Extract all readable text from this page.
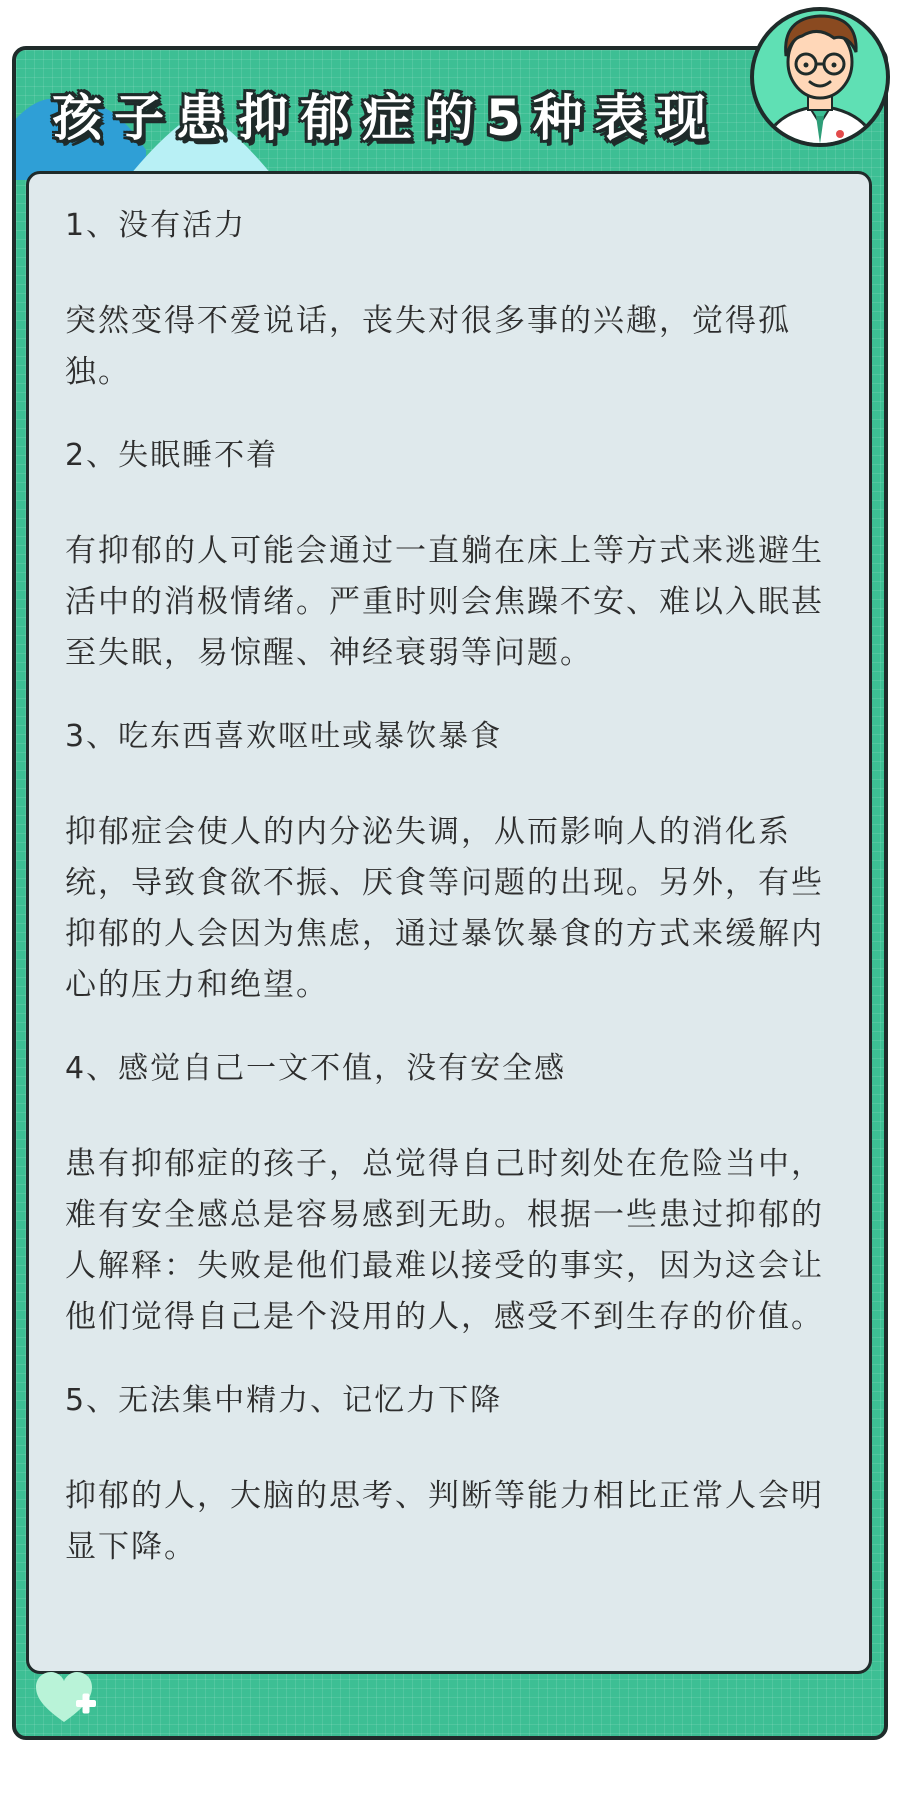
孩子患抑郁症的5种表现

1、没有活力

突然变得不爱说话，丧失对很多事的兴趣，觉得孤独。

2、失眠睡不着

有抑郁的人可能会通过一直躺在床上等方式来逃避生活中的消极情绪。严重时则会焦躁不安、难以入眠甚至失眠，易惊醒、神经衰弱等问题。

3、吃东西喜欢呕吐或暴饮暴食

抑郁症会使人的内分泌失调，从而影响人的消化系统，导致食欲不振、厌食等问题的出现。另外，有些抑郁的人会因为焦虑，通过暴饮暴食的方式来缓解内心的压力和绝望。

4、感觉自己一文不值，没有安全感

患有抑郁症的孩子，总觉得自己时刻处在危险当中，难有安全感总是容易感到无助。根据一些患过抑郁的人解释：失败是他们最难以接受的事实，因为这会让他们觉得自己是个没用的人，感受不到生存的价值。

5、无法集中精力、记忆力下降

抑郁的人，大脑的思考、判断等能力相比正常人会明显下降。
